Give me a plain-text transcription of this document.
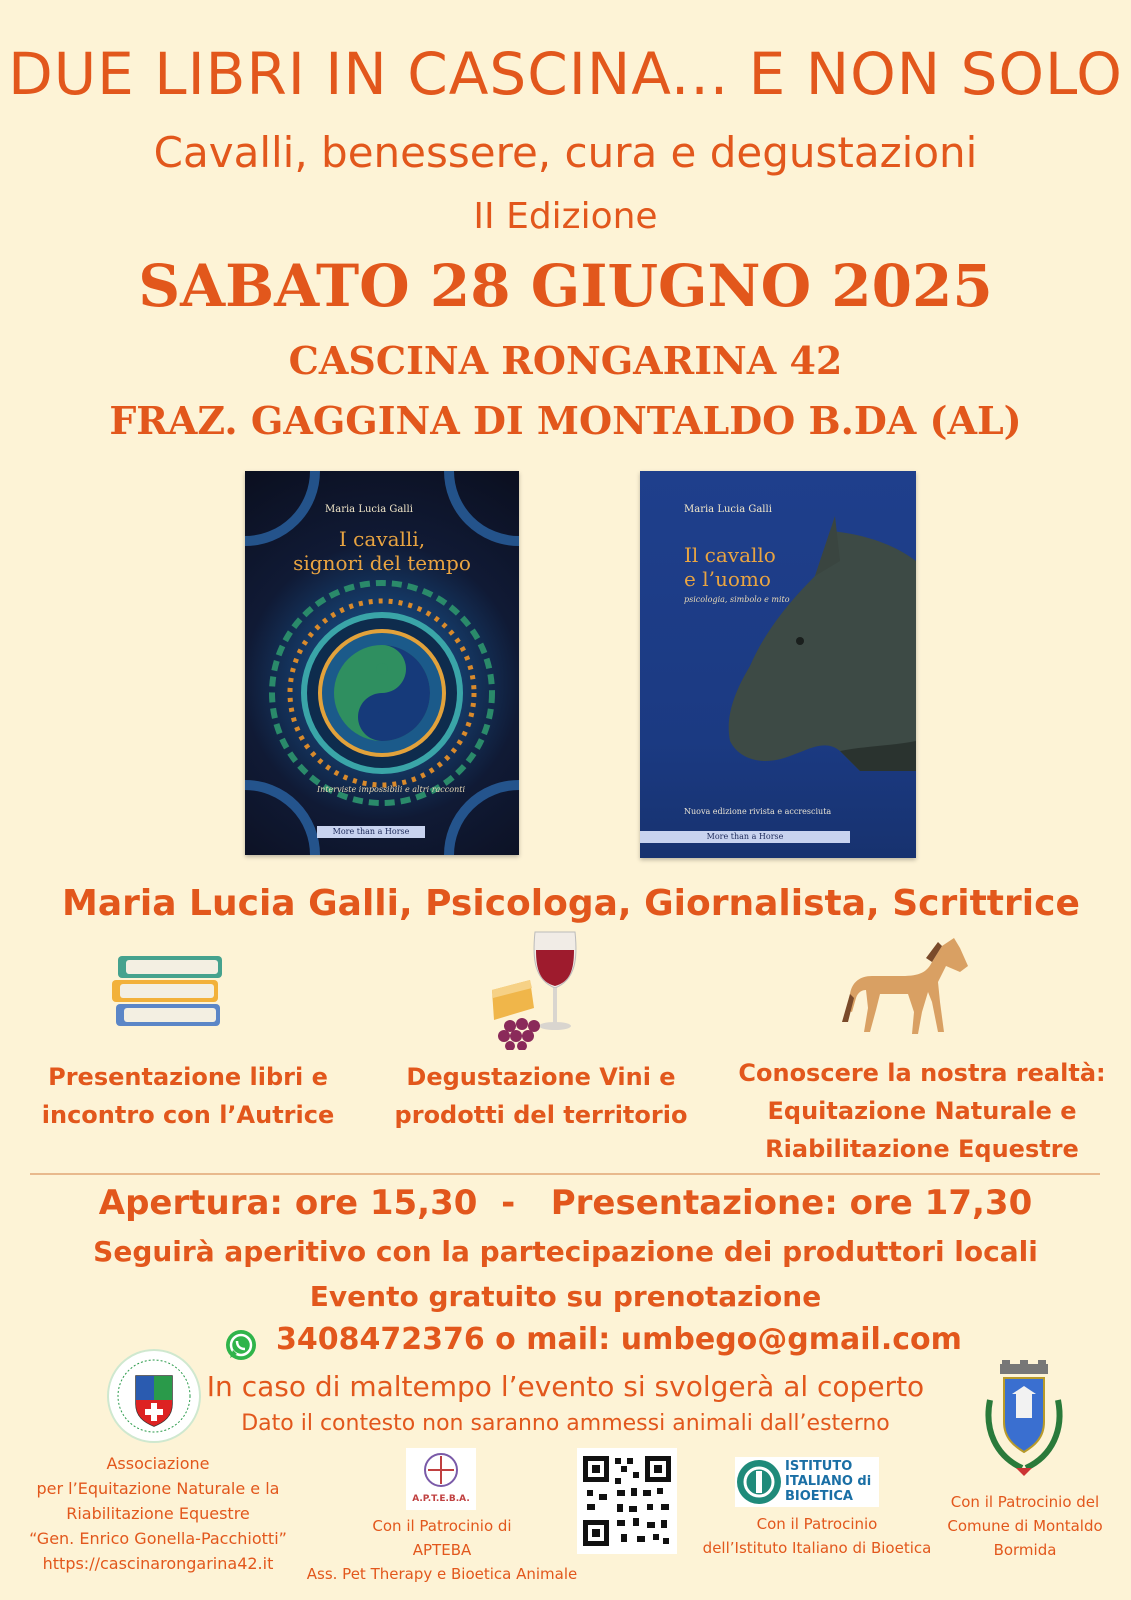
DUE LIBRI IN CASCINA... E NON SOLO
Cavalli, benessere, cura e degustazioni
II Edizione
SABATO 28 GIUGNO 2025
CASCINA RONGARINA 42
FRAZ. GAGGINA DI MONTALDO B.DA (AL)
Maria Lucia Galli
I cavalli,
signori del tempo
Interviste impossibili e altri racconti
More than a Horse
Maria Lucia Galli
Il cavallo
e l’uomo
psicologia, simbolo e mito
Nuova edizione rivista e accresciuta
More than a Horse
Maria Lucia Galli, Psicologa, Giornalista, Scrittrice
Presentazione libri e
incontro con l’Autrice
Degustazione Vini e
prodotti del territorio
Conoscere la nostra realtà:
Equitazione Naturale e
Riabilitazione Equestre
Apertura: ore 15,30  -   Presentazione: ore 17,30
Seguirà aperitivo con la partecipazione dei produttori locali
Evento gratuito su prenotazione
3408472376 o mail: umbego@gmail.com
In caso di maltempo l’evento si svolgerà al coperto
Dato il contesto non saranno ammessi animali dall’esterno
Associazione
per l’Equitazione Naturale e la
Riabilitazione Equestre
“Gen. Enrico Gonella-Pacchiotti”
https://cascinarongarina42.it
A.P.T.E.B.A.
Con il Patrocinio di
APTEBA
Ass. Pet Therapy e Bioetica Animale
ISTITUTO
ITALIANO di
BIOETICA
Con il Patrocinio
dell’Istituto Italiano di Bioetica
Con il Patrocinio del
Comune di Montaldo
Bormida
